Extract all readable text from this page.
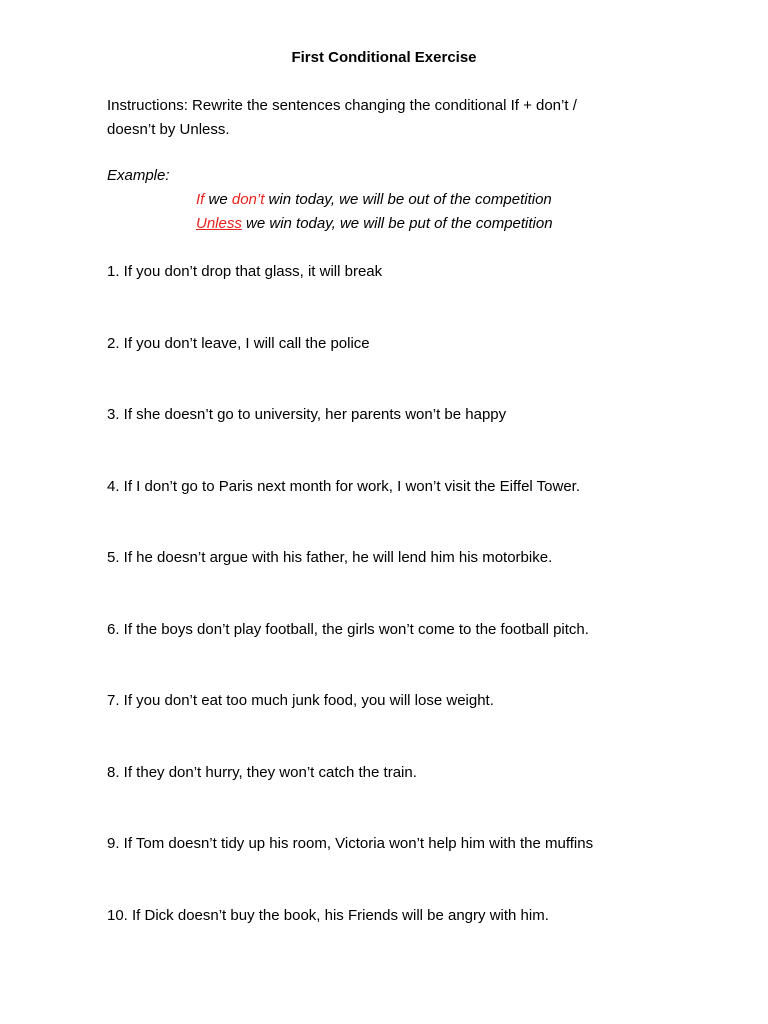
First Conditional Exercise
Instructions: Rewrite the sentences changing the conditional If + don’t /
doesn’t by Unless.
Example:
If we don’t win today, we will be out of the competition
Unless we win today, we will be put of the competition
1. If you don’t drop that glass, it will break
2. If you don’t leave, I will call the police
3. If she doesn’t go to university, her parents won’t be happy
4. If I don’t go to Paris next month for work, I won’t visit the Eiffel Tower.
5. If he doesn’t argue with his father, he will lend him his motorbike.
6. If the boys don’t play football, the girls won’t come to the football pitch.
7. If you don’t eat too much junk food, you will lose weight.
8. If they don’t hurry, they won’t catch the train.
9. If Tom doesn’t tidy up his room, Victoria won’t help him with the muffins
10. If Dick doesn’t buy the book, his Friends will be angry with him.
